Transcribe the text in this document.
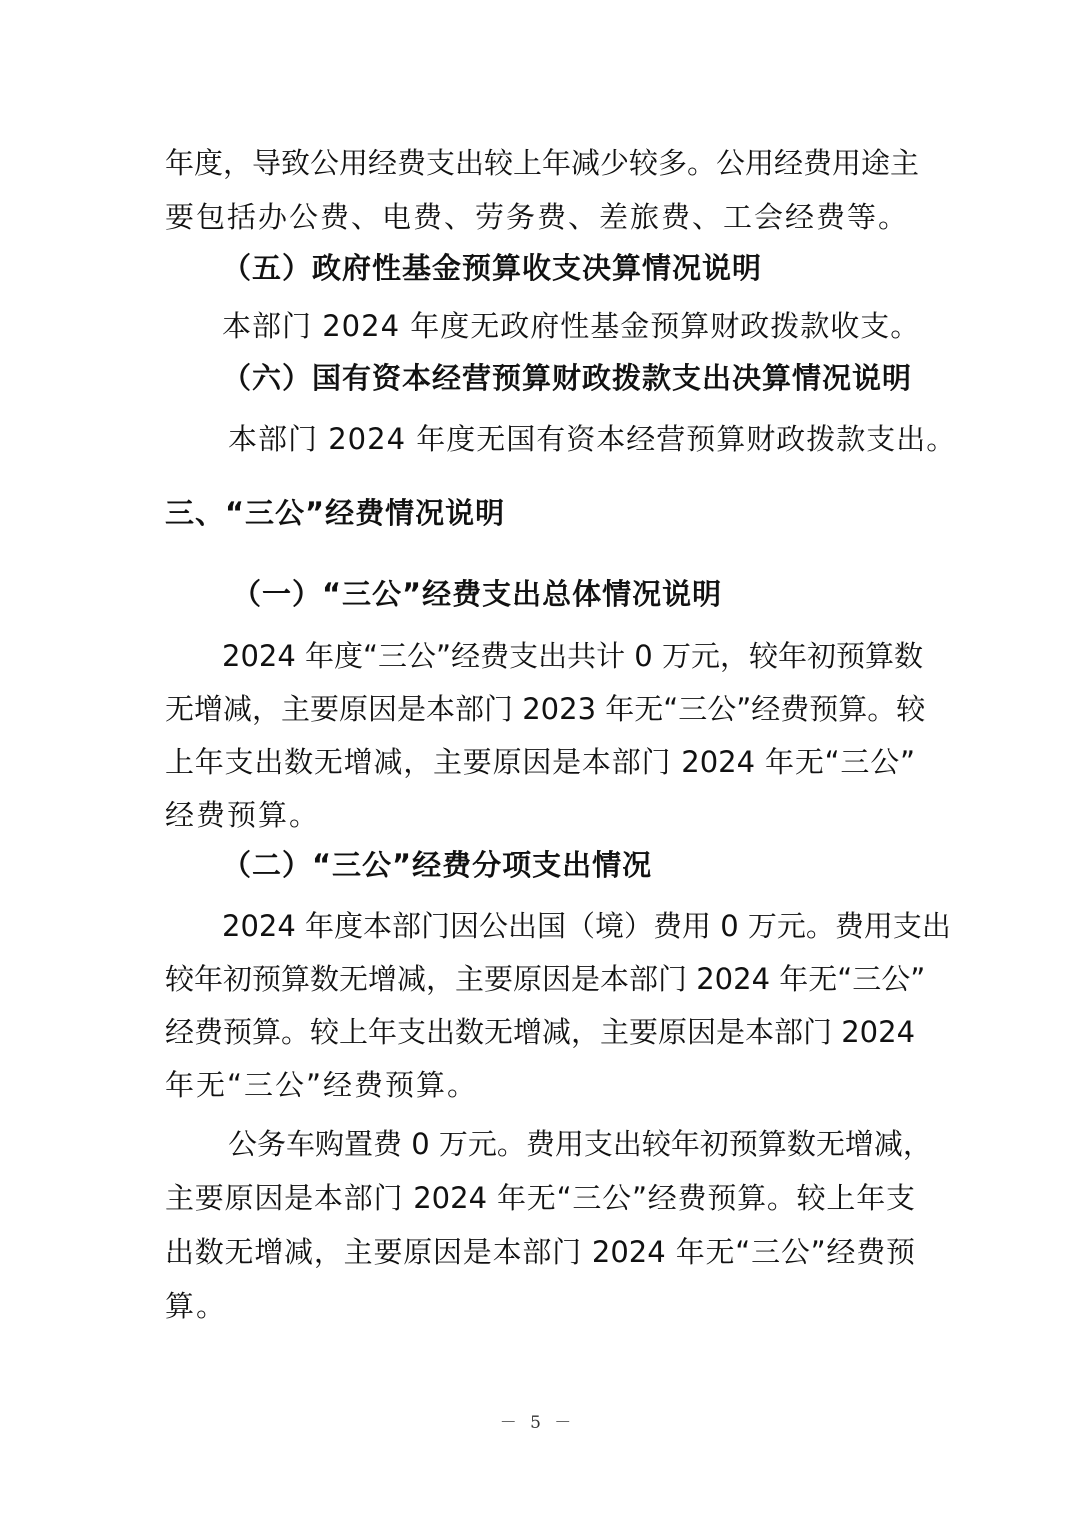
年度，导致公用经费支出较上年减少较多。公用经费用途主
要包括办公费、电费、劳务费、差旅费、工会经费等。
（五）政府性基金预算收支决算情况说明
本部门 2024 年度无政府性基金预算财政拨款收支。
（六）国有资本经营预算财政拨款支出决算情况说明
本部门 2024 年度无国有资本经营预算财政拨款支出。
三、“三公”经费情况说明
（一）“三公”经费支出总体情况说明
2024 年度“三公”经费支出共计 0 万元，较年初预算数
无增减，主要原因是本部门 2023 年无“三公”经费预算。较
上年支出数无增减，主要原因是本部门 2024 年无“三公”
经费预算。
（二）“三公”经费分项支出情况
2024 年度本部门因公出国（境）费用 0 万元。费用支出
较年初预算数无增减，主要原因是本部门 2024 年无“三公”
经费预算。较上年支出数无增减，主要原因是本部门 2024
年无“三公”经费预算。
公务车购置费 0 万元。费用支出较年初预算数无增减，
主要原因是本部门 2024 年无“三公”经费预算。较上年支
出数无增减，主要原因是本部门 2024 年无“三公”经费预
算。
－ 5 －
